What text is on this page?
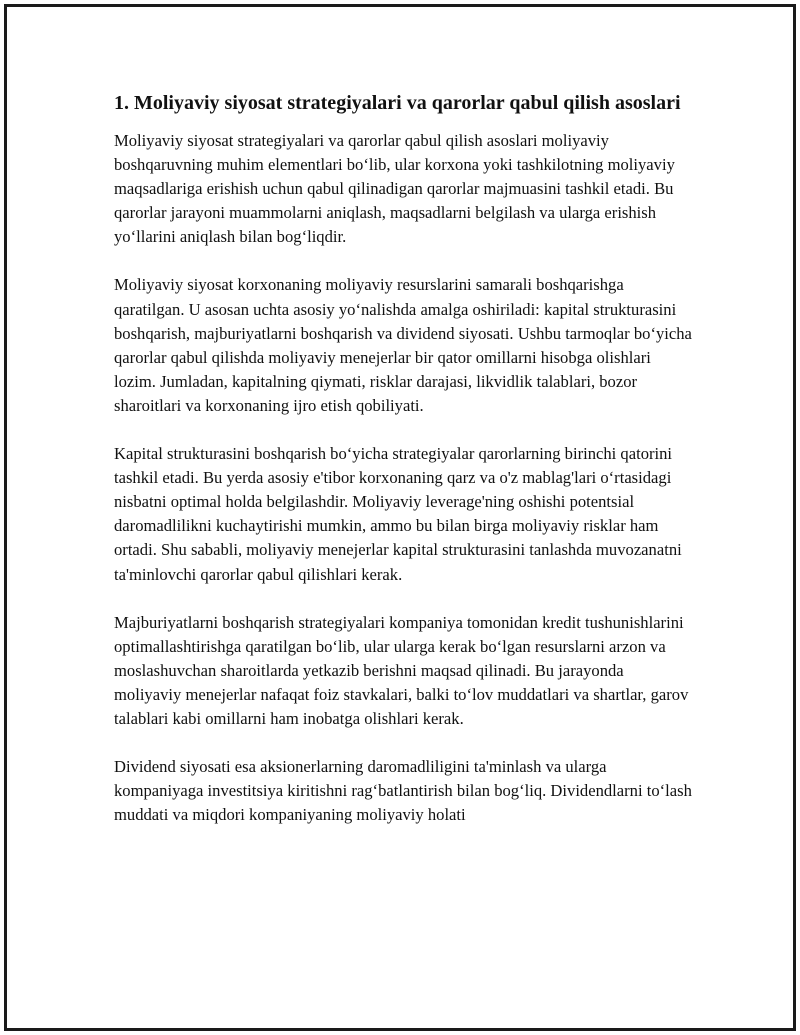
1. Moliyaviy siyosat strategiyalari va qarorlar qabul qilish asoslari

Moliyaviy siyosat strategiyalari va qarorlar qabul qilish asoslari moliyaviy boshqaruvning muhim elementlari bo‘lib, ular korxona yoki tashkilotning moliyaviy maqsadlariga erishish uchun qabul qilinadigan qarorlar majmuasini tashkil etadi. Bu qarorlar jarayoni muammolarni aniqlash, maqsadlarni belgilash va ularga erishish yo‘llarini aniqlash bilan bog‘liqdir.

Moliyaviy siyosat korxonaning moliyaviy resurslarini samarali boshqarishga qaratilgan. U asosan uchta asosiy yo‘nalishda amalga oshiriladi: kapital strukturasini boshqarish, majburiyatlarni boshqarish va dividend siyosati. Ushbu tarmoqlar bo‘yicha qarorlar qabul qilishda moliyaviy menejerlar bir qator omillarni hisobga olishlari lozim. Jumladan, kapitalning qiymati, risklar darajasi, likvidlik talablari, bozor sharoitlari va korxonaning ijro etish qobiliyati.

Kapital strukturasini boshqarish bo‘yicha strategiyalar qarorlarning birinchi qatorini tashkil etadi. Bu yerda asosiy e'tibor korxonaning qarz va o'z mablag'lari o‘rtasidagi nisbatni optimal holda belgilashdir. Moliyaviy leverage'ning oshishi potentsial daromadlilikni kuchaytirishi mumkin, ammo bu bilan birga moliyaviy risklar ham ortadi. Shu sababli, moliyaviy menejerlar kapital strukturasini tanlashda muvozanatni ta'minlovchi qarorlar qabul qilishlari kerak.

Majburiyatlarni boshqarish strategiyalari kompaniya tomonidan kredit tushunishlarini optimallashtirishga qaratilgan bo‘lib, ular ularga kerak bo‘lgan resurslarni arzon va moslashuvchan sharoitlarda yetkazib berishni maqsad qilinadi. Bu jarayonda moliyaviy menejerlar nafaqat foiz stavkalari, balki to‘lov muddatlari va shartlar, garov talablari kabi omillarni ham inobatga olishlari kerak.

Dividend siyosati esa aksionerlarning daromadliligini ta'minlash va ularga kompaniyaga investitsiya kiritishni rag‘batlantirish bilan bog‘liq. Dividendlarni to‘lash muddati va miqdori kompaniyaning moliyaviy holati
